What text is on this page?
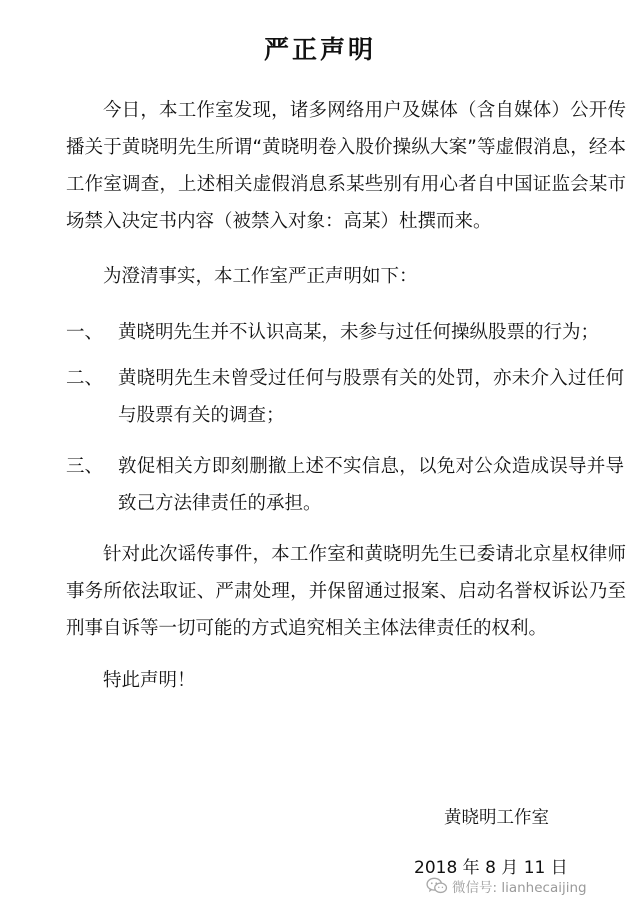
严正声明

今日，本工作室发现，诸多网络用户及媒体（含自媒体）公开传播关于黄晓明先生所谓“黄晓明卷入股价操纵大案”等虚假消息，经本工作室调查，上述相关虚假消息系某些别有用心者自中国证监会某市场禁入决定书内容（被禁入对象：高某）杜撰而来。

为澄清事实，本工作室严正声明如下：

一、 黄晓明先生并不认识高某，未参与过任何操纵股票的行为；
二、 黄晓明先生未曾受过任何与股票有关的处罚，亦未介入过任何与股票有关的调查；
三、 敦促相关方即刻删撤上述不实信息，以免对公众造成误导并导致己方法律责任的承担。

针对此次谣传事件，本工作室和黄晓明先生已委请北京星权律师事务所依法取证、严肃处理，并保留通过报案、启动名誉权诉讼乃至刑事自诉等一切可能的方式追究相关主体法律责任的权利。

特此声明！

黄晓明工作室

2018 年 8 月 11 日

微信号: lianhecaijing
